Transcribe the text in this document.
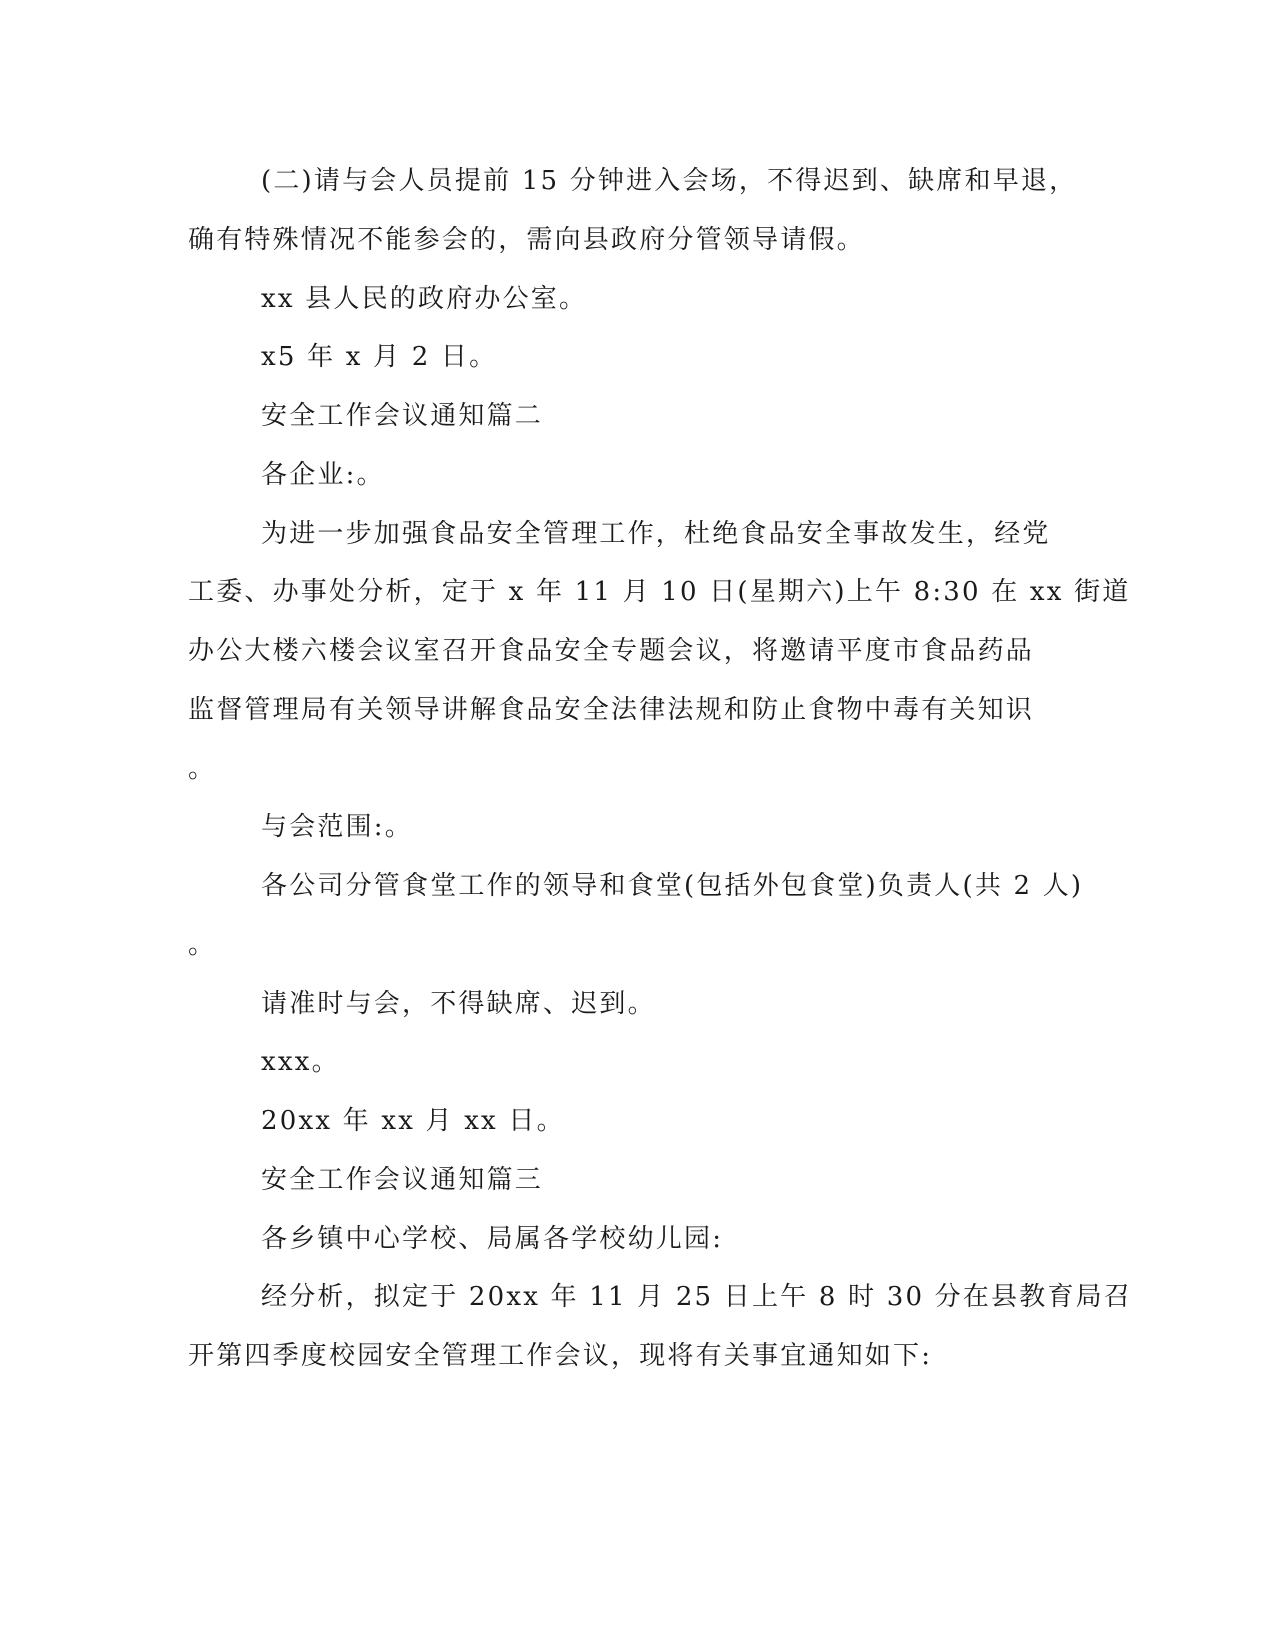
(二)请与会人员提前 15 分钟进入会场，不得迟到、缺席和早退，
确有特殊情况不能参会的，需向县政府分管领导请假。
xx 县人民的政府办公室。
x5 年 x 月 2 日。
安全工作会议通知篇二
各企业:。
为进一步加强食品安全管理工作，杜绝食品安全事故发生，经党
工委、办事处分析，定于 x 年 11 月 10 日(星期六)上午 8:30 在 xx 街道
办公大楼六楼会议室召开食品安全专题会议，将邀请平度市食品药品
监督管理局有关领导讲解食品安全法律法规和防止食物中毒有关知识
。
与会范围:。
各公司分管食堂工作的领导和食堂(包括外包食堂)负责人(共 2 人)
。
请准时与会，不得缺席、迟到。
xxx。
20xx 年 xx 月 xx 日。
安全工作会议通知篇三
各乡镇中心学校、局属各学校幼儿园:
经分析，拟定于 20xx 年 11 月 25 日上午 8 时 30 分在县教育局召
开第四季度校园安全管理工作会议，现将有关事宜通知如下:
